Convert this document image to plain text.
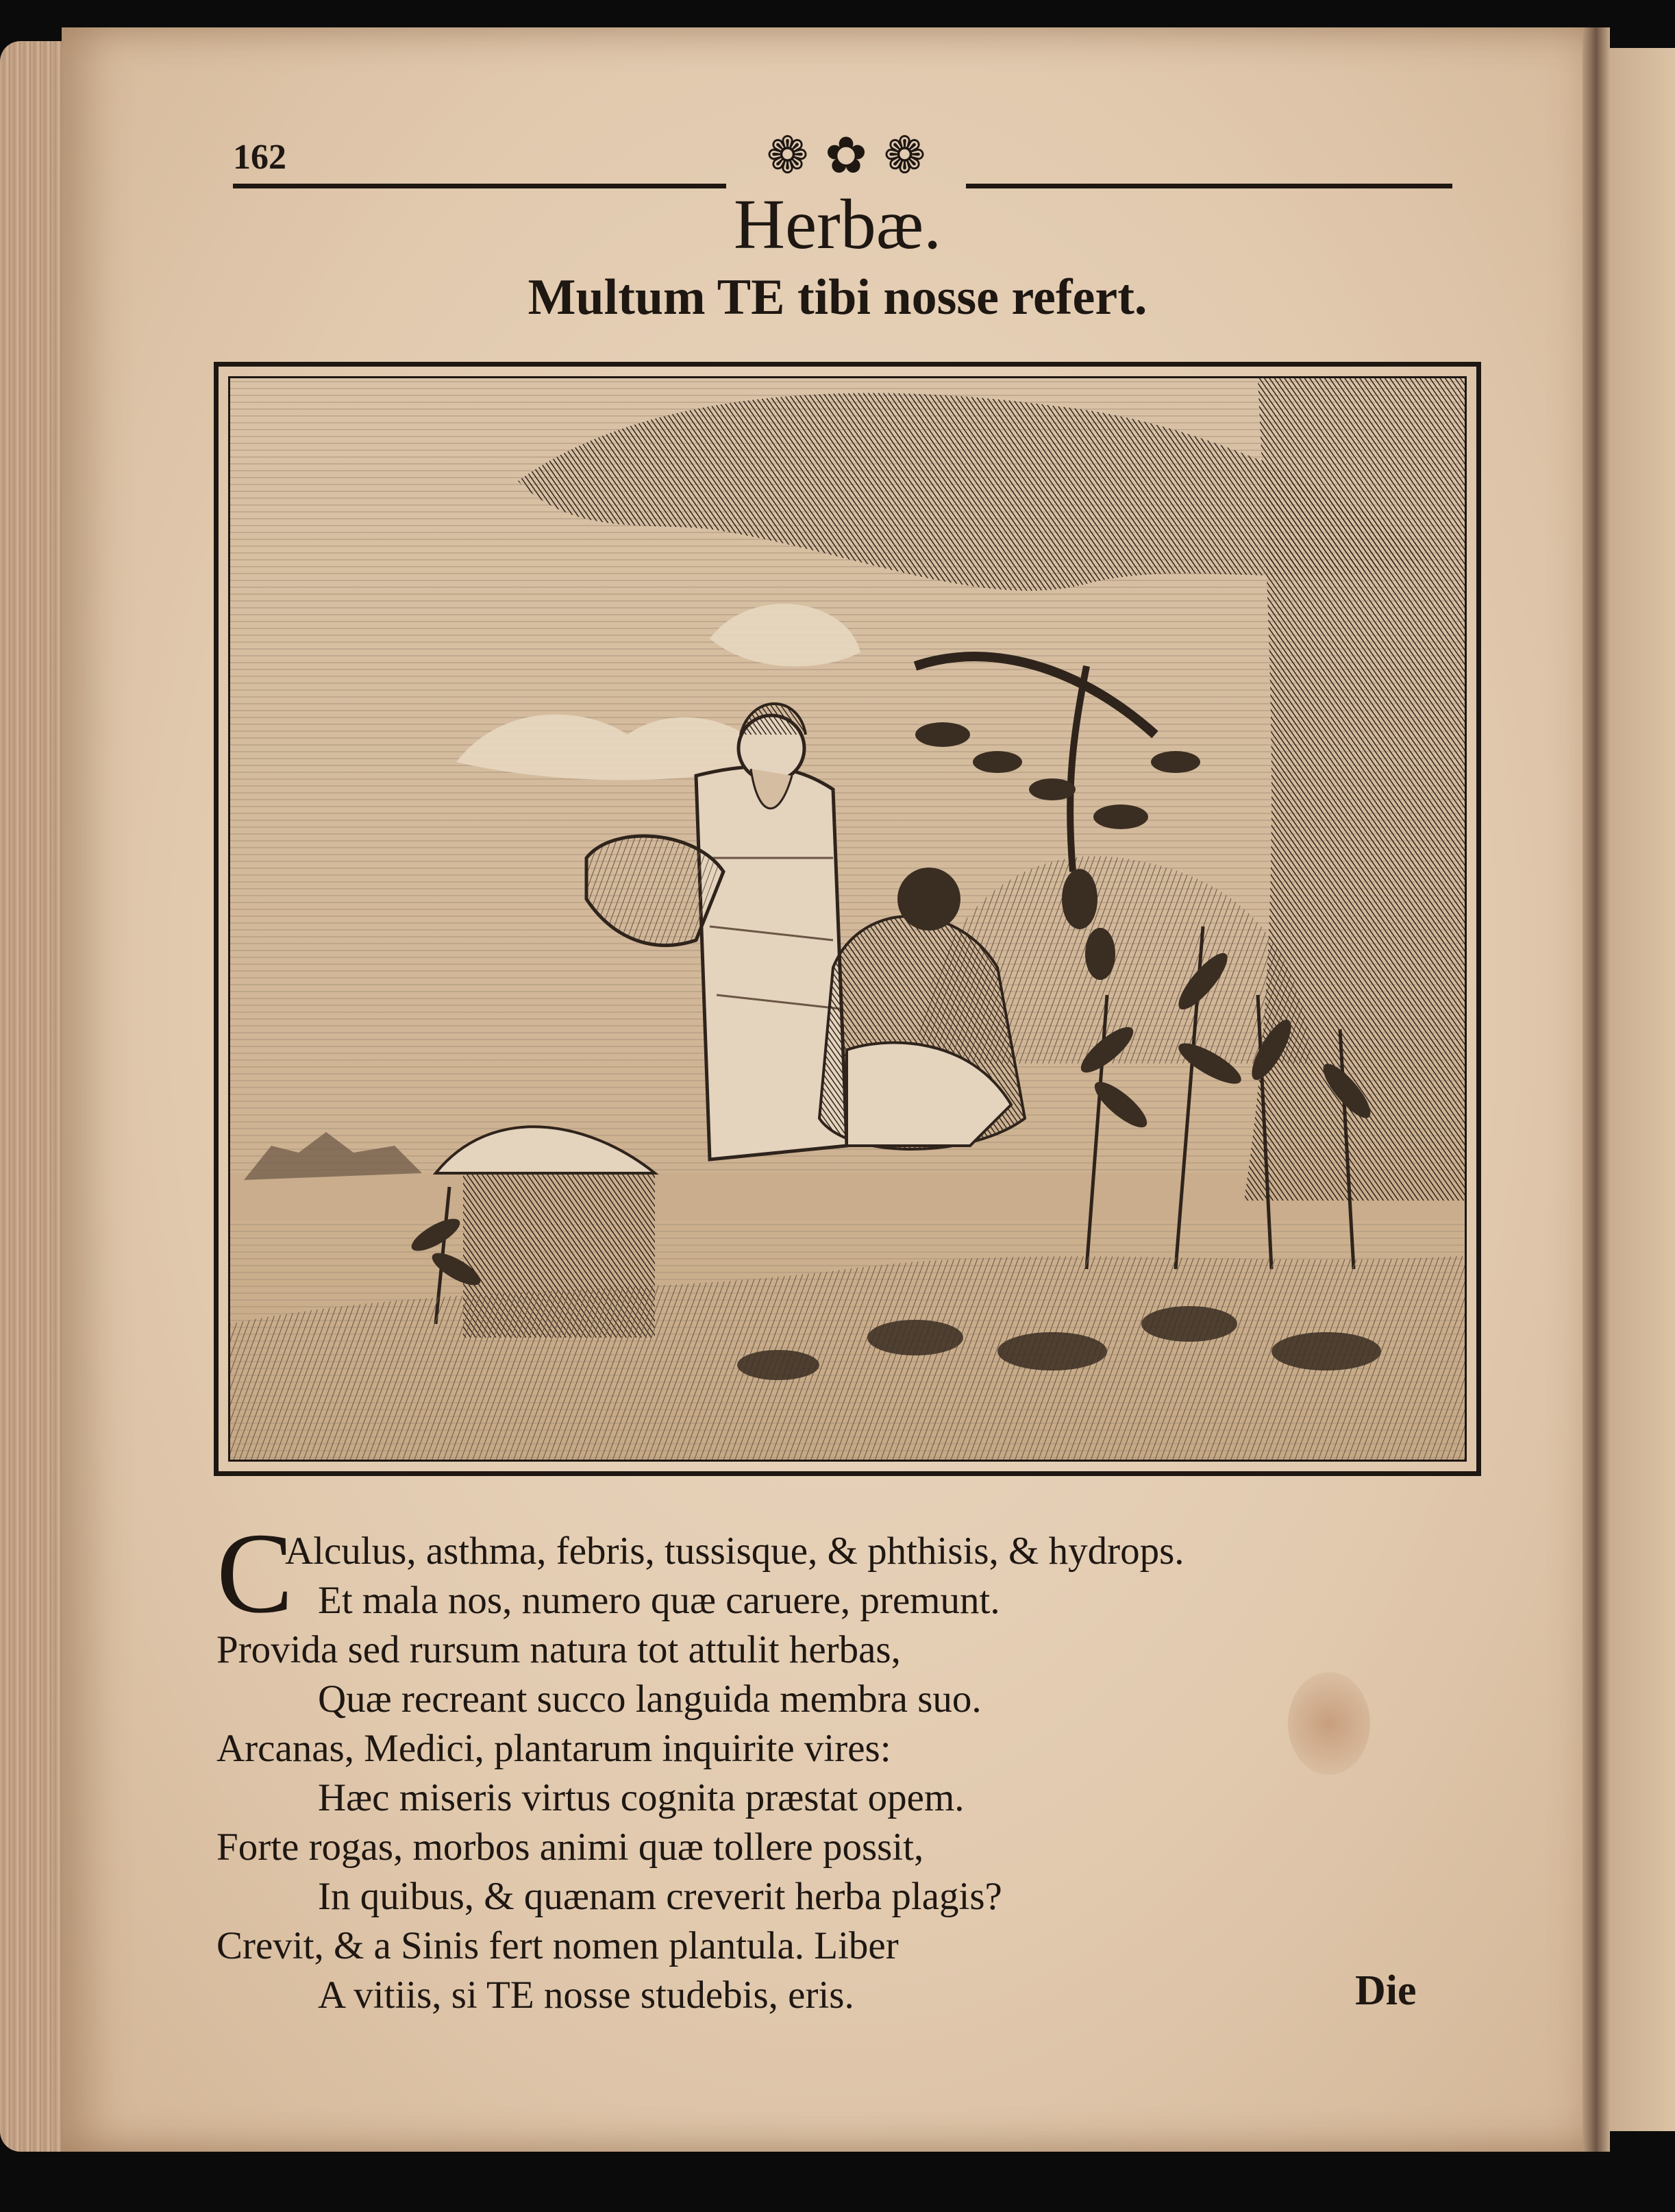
162	❁ ✿ ❁
Herbæ.
Multum TE tibi nosse refert.
C
Alculus, asthma, febris, tussisque, & phthisis, & hydrops.
Et mala nos, numero quæ caruere, premunt.
Provida sed rursum natura tot attulit herbas,
Quæ recreant succo languida membra suo.
Arcanas, Medici, plantarum inquirite vires:
Hæc miseris virtus cognita præstat opem.
Forte rogas, morbos animi quæ tollere possit,
In quibus, & quænam creverit herba plagis?
Crevit, & a Sinis fert nomen plantula. Liber
A vitiis, si TE nosse studebis, eris.	Die
